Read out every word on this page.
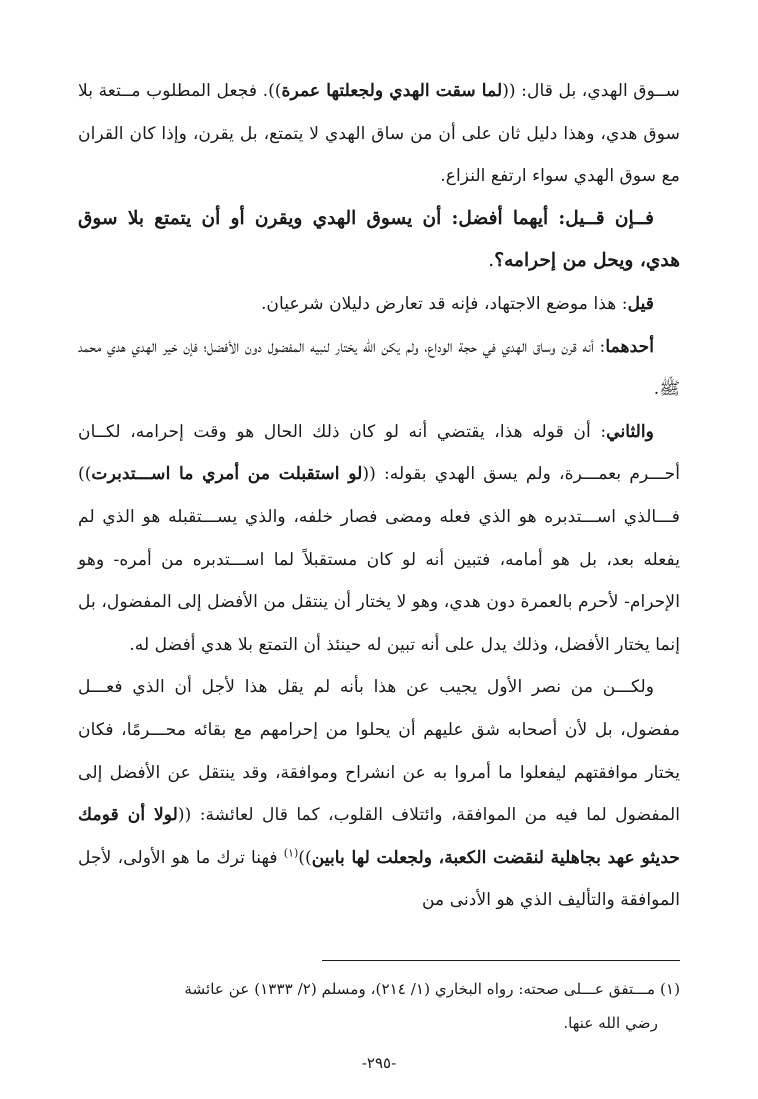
ســوق الهدي، بل قال: ((لما سقت الهدي ولجعلتها عمرة)). فجعل المطلوب مــتعة بلا سوق هدي، وهذا دليل ثان على أن من ساق الهدي لا يتمتع، بل يقرن، وإذا كان القران مع سوق الهدي سواء ارتفع النزاع.

فــإن قــيل: أيهما أفضل: أن يسوق الهدي ويقرن أو أن يتمتع بلا سوق هدي، ويحل من إحرامه؟.

قيل: هذا موضع الاجتهاد، فإنه قد تعارض دليلان شرعيان.

أحدهما: أنه قرن وساق الهدي في حجة الوداع، ولم يكن الله يختار لنبيه المفضول دون الأفضل؛ فإن خير الهدي هدي محمد ﷺ.

والثاني: أن قوله هذا، يقتضي أنه لو كان ذلك الحال هو وقت إحرامه، لكــان أحـــرم بعمـــرة، ولم يسق الهدي بقوله: ((لو استقبلت من أمري ما اســـتدبرت)) فـــالذي اســـتدبره هو الذي فعله ومضى فصار خلفه، والذي يســـتقبله هو الذي لم يفعله بعد، بل هو أمامه، فتبين أنه لو كان مستقبلاً لما اســـتدبره من أمره- وهو الإحرام- لأحرم بالعمرة دون هدي، وهو لا يختار أن ينتقل من الأفضل إلى المفضول، بل إنما يختار الأفضل، وذلك يدل على أنه تبين له حينئذ أن التمتع بلا هدي أفضل له.

ولكـــن من نصر الأول يجيب عن هذا بأنه لم يقل هذا لأجل أن الذي فعـــل مفضول، بل لأن أصحابه شق عليهم أن يحلوا من إحرامهم مع بقائه محـــرمًا، فكان يختار موافقتهم ليفعلوا ما أمروا به عن انشراح وموافقة، وقد ينتقل عن الأفضل إلى المفضول لما فيه من الموافقة، وائتلاف القلوب، كما قال لعائشة: ((لولا أن قومك حديثو عهد بجاهلية لنقضت الكعبة، ولجعلت لها بابين))$^{(١)}$ فهنا ترك ما هو الأولى، لأجل الموافقة والتأليف الذي هو الأدنى من

(١) مـــتفق عـــلى صحته: رواه البخاري (١/ ٢١٤)، ومسلم (٢/ ١٣٣٣) عن عائشة

رضي الله عنها.

-٢٩٥-
